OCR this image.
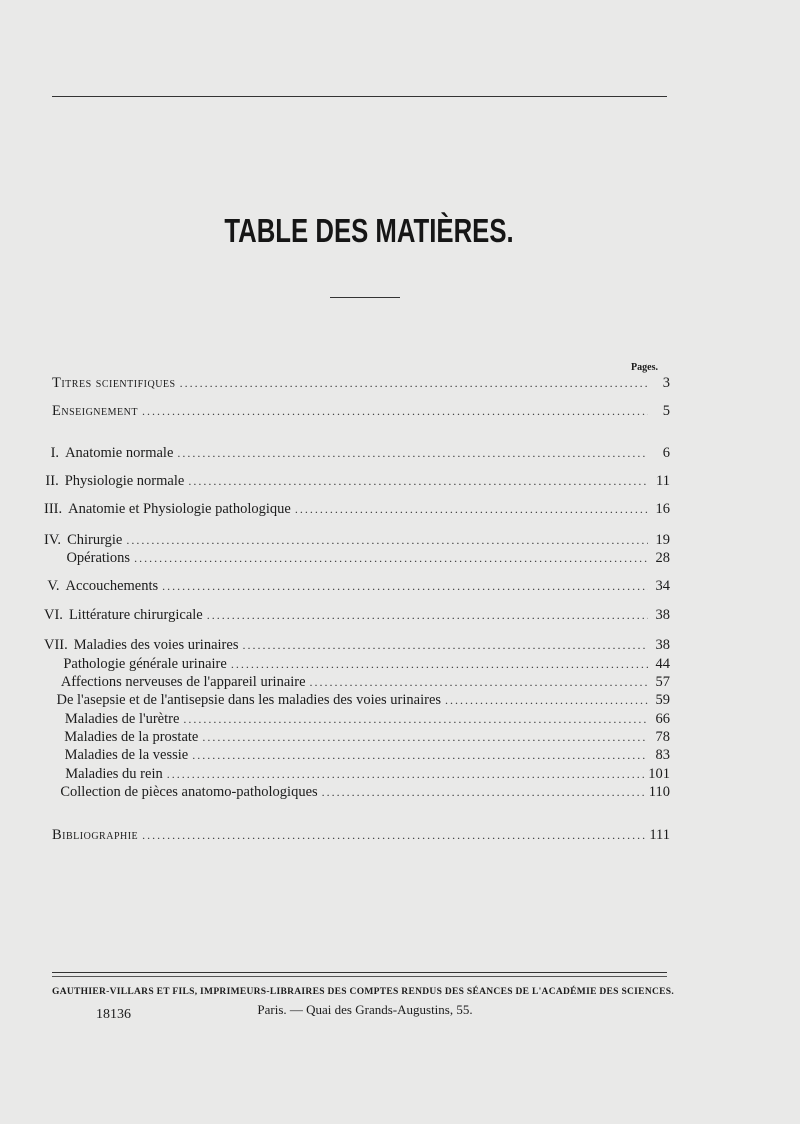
TABLE DES MATIÈRES.
Pages.
Titres scientifiques .....	3
Enseignement .....	5
I. Anatomie normale .....	6
II. Physiologie normale .....	11
III. Anatomie et Physiologie pathologique .....	16
IV. Chirurgie .....	19
Opérations .....	28
V. Accouchements .....	34
VI. Littérature chirurgicale .....	38
VII. Maladies des voies urinaires .....	38
Pathologie générale urinaire .....	44
Affections nerveuses de l'appareil urinaire .....	57
De l'asepsie et de l'antisepsie dans les maladies des voies urinaires .....	59
Maladies de l'urètre .....	66
Maladies de la prostate .....	78
Maladies de la vessie .....	83
Maladies du rein .....	101
Collection de pièces anatomo-pathologiques .....	110
Bibliographie .....	111
GAUTHIER-VILLARS ET FILS, IMPRIMEURS-LIBRAIRES DES COMPTES RENDUS DES SÉANCES DE L'ACADÉMIE DES SCIENCES.
18136	Paris. — Quai des Grands-Augustins, 55.
